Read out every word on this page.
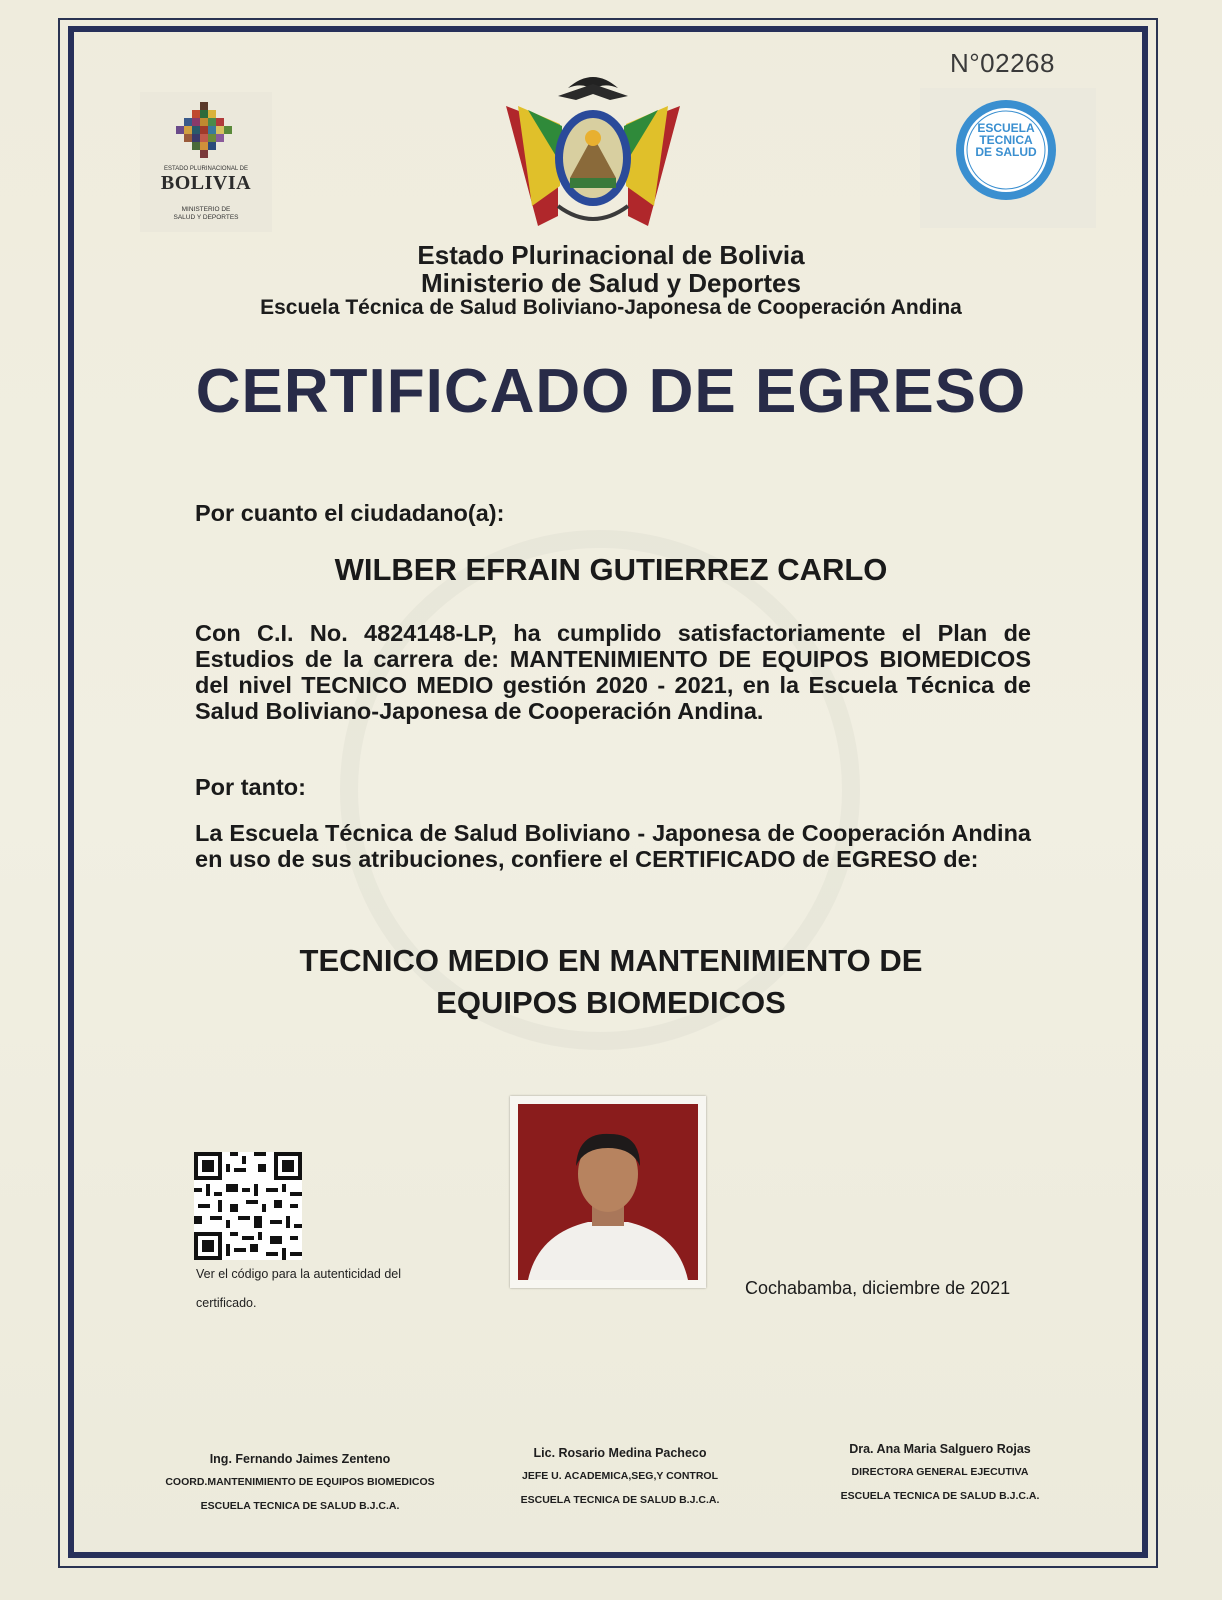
N°02268
ESTADO PLURINACIONAL DE
BOLIVIA
MINISTERIO DE SALUD Y DEPORTES
ESCUELA TECNICA DE SALUD
Estado Plurinacional de Bolivia
Ministerio de Salud y Deportes
Escuela Técnica de Salud Boliviano-Japonesa de Cooperación Andina
CERTIFICADO DE EGRESO
Por cuanto el ciudadano(a):
WILBER EFRAIN GUTIERREZ CARLO
Con C.I. No. 4824148-LP, ha cumplido satisfactoriamente el Plan de Estudios de la carrera de: MANTENIMIENTO DE EQUIPOS BIOMEDICOS del nivel TECNICO MEDIO gestión 2020 - 2021, en la Escuela Técnica de Salud Boliviano-Japonesa de Cooperación Andina.
Por tanto:
La Escuela Técnica de Salud Boliviano - Japonesa de Cooperación Andina en uso de sus atribuciones, confiere el CERTIFICADO de EGRESO de:
TECNICO MEDIO EN MANTENIMIENTO DE
EQUIPOS BIOMEDICOS
Ver el código para la autenticidad del certificado.
Cochabamba, diciembre de 2021
Ing. Fernando Jaimes Zenteno
COORD.MANTENIMIENTO DE EQUIPOS BIOMEDICOS
ESCUELA TECNICA DE SALUD B.J.C.A.
Lic. Rosario Medina Pacheco
JEFE U. ACADEMICA,SEG,Y CONTROL
ESCUELA TECNICA DE SALUD B.J.C.A.
Dra. Ana Maria Salguero Rojas
DIRECTORA GENERAL EJECUTIVA
ESCUELA TECNICA DE SALUD B.J.C.A.
